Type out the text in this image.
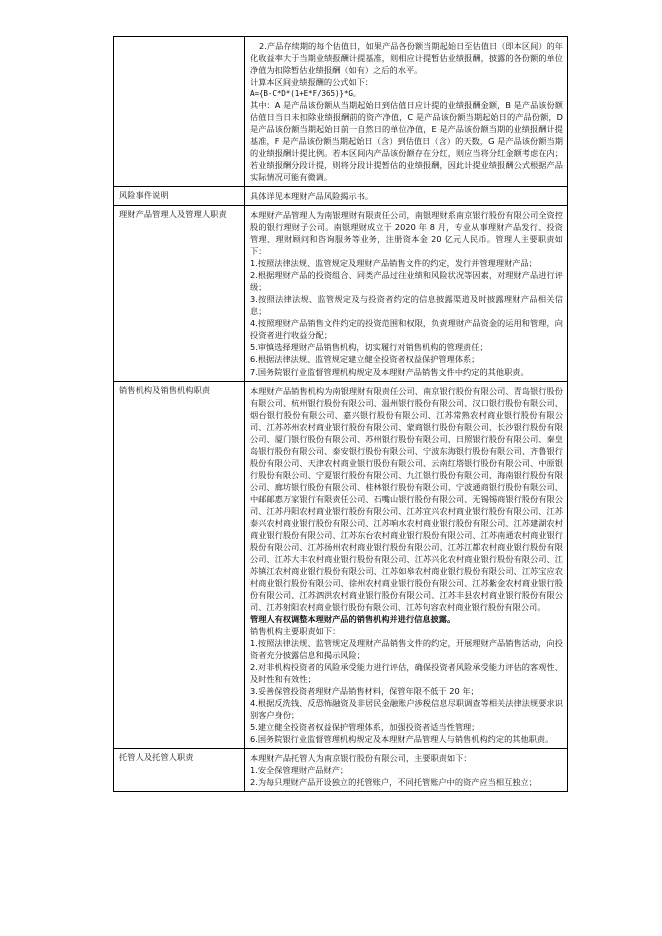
	2.产品存续期的每个估值日，如果产品各份额当期起始日至估值日（即本区间）的年化收益率大于当期业绩报酬计提基准，则相应计提暂估业绩报酬，披露的各份额的单位净值为扣除暂估业绩报酬（如有）之后的水平。

计算本区间业绩报酬的公式如下：

A={B-C*D*(1+E*F/365)}*G。

其中：A 是产品该份额从当期起始日到估值日应计提的业绩报酬金额，B 是产品该份额估值日当日未扣除业绩报酬前的资产净值，C 是产品该份额当期起始日的产品份额，D 是产品该份额当期起始日前一自然日的单位净值，E 是产品该份额当期的业绩报酬计提基准，F 是产品该份额当期起始日（含）到估值日（含）的天数，G 是产品该份额当期的业绩报酬计提比例。若本区间内产品该份额存在分红，则应当将分红金额考虑在内；若业绩报酬分段计提，则将分段计提暂估的业绩报酬，因此计提业绩报酬公式根据产品实际情况可能有微调。

风险事件说明	具体详见本理财产品风险揭示书。

理财产品管理人及管理人职责	本理财产品管理人为南银理财有限责任公司，南银理财系南京银行股份有限公司全资控股的银行理财子公司。南银理财成立于 2020 年 8 月，专业从事理财产品发行、投资管理、理财顾问和咨询服务等业务，注册资本金 20 亿元人民币。管理人主要职责如下：

1.按照法律法规、监管规定及理财产品销售文件的约定，发行并管理理财产品；

2.根据理财产品的投资组合、同类产品过往业绩和风险状况等因素，对理财产品进行评级；

3.按照法律法规、监管规定及与投资者约定的信息披露渠道及时披露理财产品相关信息；

4.按照理财产品销售文件约定的投资范围和权限，负责理财产品资金的运用和管理，向投资者进行收益分配；

5.审慎选择理财产品销售机构，切实履行对销售机构的管理责任；

6.根据法律法规、监管规定建立健全投资者权益保护管理体系；

7.国务院银行业监督管理机构规定及本理财产品销售文件中约定的其他职责。

销售机构及销售机构职责	本理财产品销售机构为南银理财有限责任公司、南京银行股份有限公司、青岛银行股份有限公司、杭州银行股份有限公司、温州银行股份有限公司、汉口银行股份有限公司、烟台银行股份有限公司、嘉兴银行股份有限公司、江苏常熟农村商业银行股份有限公司、江苏苏州农村商业银行股份有限公司、蒙商银行股份有限公司、长沙银行股份有限公司、厦门银行股份有限公司、苏州银行股份有限公司、日照银行股份有限公司、秦皇岛银行股份有限公司、泰安银行股份有限公司、宁波东海银行股份有限公司、齐鲁银行股份有限公司、天津农村商业银行股份有限公司、云南红塔银行股份有限公司、中原银行股份有限公司、宁夏银行股份有限公司、九江银行股份有限公司、海南银行股份有限公司、廊坊银行股份有限公司、桂林银行股份有限公司、宁波通商银行股份有限公司、中邮邮惠万家银行有限责任公司、石嘴山银行股份有限公司、无锡锡商银行股份有限公司、江苏丹阳农村商业银行股份有限公司、江苏宜兴农村商业银行股份有限公司、江苏泰兴农村商业银行股份有限公司、江苏响水农村商业银行股份有限公司、江苏建湖农村商业银行股份有限公司、江苏东台农村商业银行股份有限公司、江苏南通农村商业银行股份有限公司、江苏扬州农村商业银行股份有限公司、江苏江都农村商业银行股份有限公司、江苏大丰农村商业银行股份有限公司、江苏兴化农村商业银行股份有限公司、江苏镇江农村商业银行股份有限公司、江苏如皋农村商业银行股份有限公司、江苏宝应农村商业银行股份有限公司、徐州农村商业银行股份有限公司、江苏紫金农村商业银行股份有限公司、江苏泗洪农村商业银行股份有限公司、江苏丰县农村商业银行股份有限公司、江苏射阳农村商业银行股份有限公司、江苏句容农村商业银行股份有限公司。

管理人有权调整本理财产品的销售机构并进行信息披露。

销售机构主要职责如下：

1.按照法律法规、监管规定及理财产品销售文件的约定，开展理财产品销售活动，向投资者充分披露信息和揭示风险；

2.对非机构投资者的风险承受能力进行评估，确保投资者风险承受能力评估的客观性、及时性和有效性；

3.妥善保管投资者理财产品销售材料，保管年限不低于 20 年；

4.根据反洗钱、反恐怖融资及非居民金融账户涉税信息尽职调查等相关法律法规要求识别客户身份；

5.建立健全投资者权益保护管理体系，加强投资者适当性管理；

6.国务院银行业监督管理机构规定及本理财产品管理人与销售机构约定的其他职责。

托管人及托管人职责	本理财产品托管人为南京银行股份有限公司，主要职责如下：

1.安全保管理财产品财产；

2.为每只理财产品开设独立的托管账户，不同托管账户中的资产应当相互独立；
